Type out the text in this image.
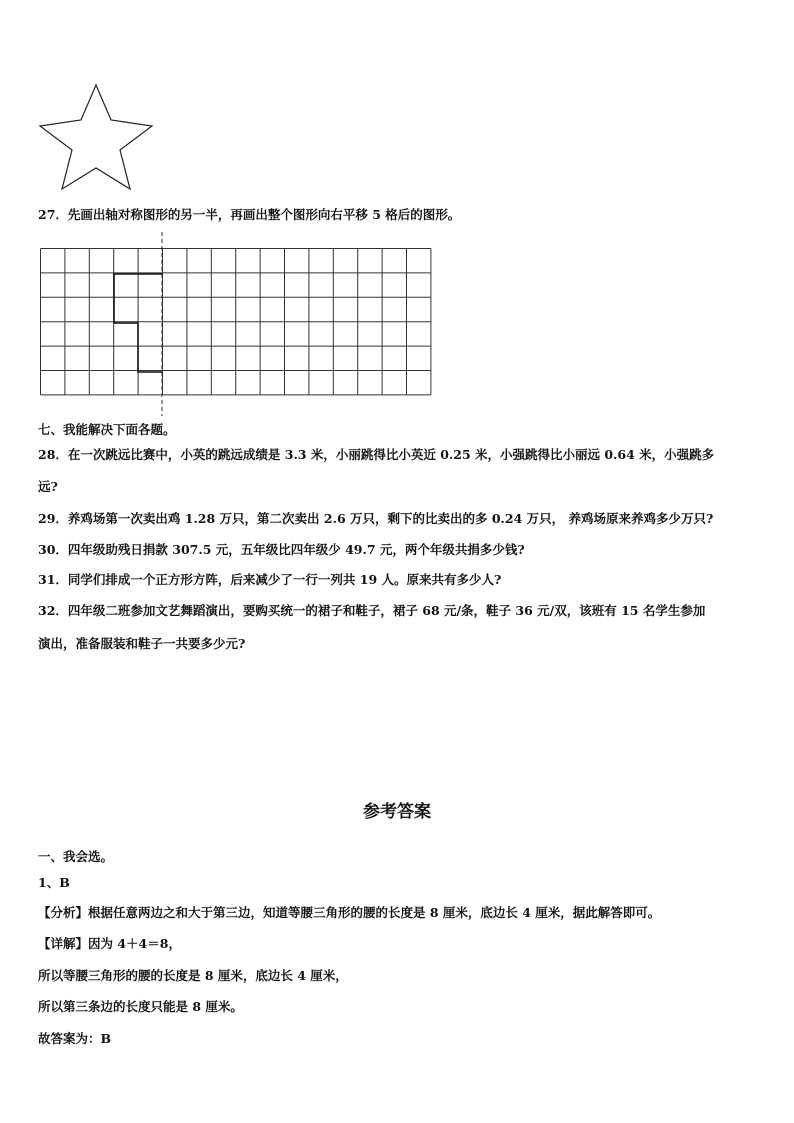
27．先画出轴对称图形的另一半，再画出整个图形向右平移 5 格后的图形。
七、我能解决下面各题。
28．在一次跳远比赛中，小英的跳远成绩是 3.3 米，小丽跳得比小英近 0.25 米，小强跳得比小丽远 0.64 米，小强跳多
远?
29．养鸡场第一次卖出鸡 1.28 万只，第二次卖出 2.6 万只，剩下的比卖出的多 0.24 万只， 养鸡场原来养鸡多少万只?
30．四年级助残日捐款 307.5 元，五年级比四年级少 49.7 元，两个年级共捐多少钱?
31．同学们排成一个正方形方阵，后来减少了一行一列共 19 人。原来共有多少人?
32．四年级二班参加文艺舞蹈演出，要购买统一的裙子和鞋子，裙子 68 元/条，鞋子 36 元/双，该班有 15 名学生参加
演出，准备服装和鞋子一共要多少元?
参考答案
一、我会选。
1、B
【分析】根据任意两边之和大于第三边，知道等腰三角形的腰的长度是 8 厘米，底边长 4 厘米，据此解答即可。
【详解】因为 4＋4＝8，
所以等腰三角形的腰的长度是 8 厘米，底边长 4 厘米，
所以第三条边的长度只能是 8 厘米。
故答案为：B
